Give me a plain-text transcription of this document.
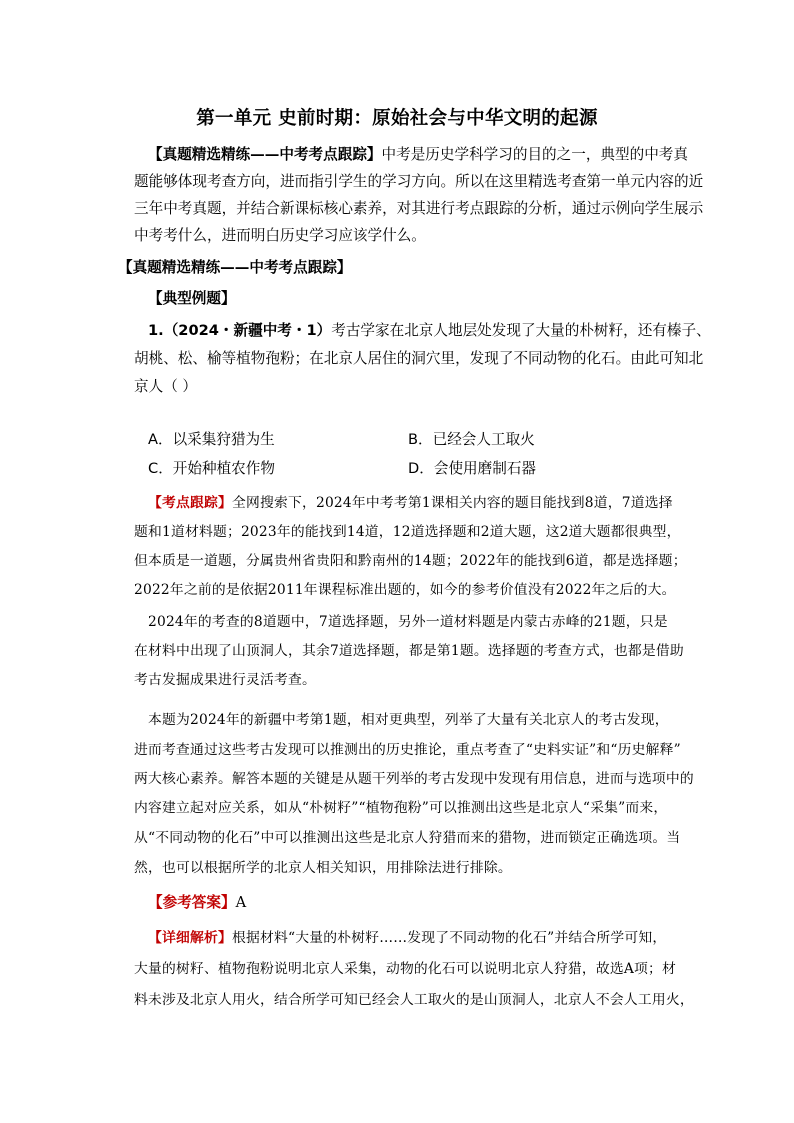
第一单元 史前时期：原始社会与中华文明的起源
【真题精选精练——中考考点跟踪】中考是历史学科学习的目的之一，典型的中考真
题能够体现考查方向，进而指引学生的学习方向。所以在这里精选考查第一单元内容的近
三年中考真题，并结合新课标核心素养，对其进行考点跟踪的分析，通过示例向学生展示
中考考什么，进而明白历史学习应该学什么。
【真题精选精练——中考考点跟踪】
【典型例题】
1.（2024・新疆中考・1）考古学家在北京人地层处发现了大量的朴树籽，还有榛子、
胡桃、松、榆等植物孢粉；在北京人居住的洞穴里，发现了不同动物的化石。由此可知北
京人（ ）
A．以采集狩猎为生	B．已经会人工取火
C．开始种植农作物	D．会使用磨制石器
【考点跟踪】全网搜索下，2024年中考考第1课相关内容的题目能找到8道，7道选择
题和1道材料题；2023年的能找到14道，12道选择题和2道大题，这2道大题都很典型，
但本质是一道题，分属贵州省贵阳和黔南州的14题；2022年的能找到6道，都是选择题；
2022年之前的是依据2011年课程标准出题的，如今的参考价值没有2022年之后的大。
2024年的考查的8道题中，7道选择题，另外一道材料题是内蒙古赤峰的21题，只是
在材料中出现了山顶洞人，其余7道选择题，都是第1题。选择题的考查方式，也都是借助
考古发掘成果进行灵活考查。
本题为2024年的新疆中考第1题，相对更典型，列举了大量有关北京人的考古发现，
进而考查通过这些考古发现可以推测出的历史推论，重点考查了“史料实证”和“历史解释”
两大核心素养。解答本题的关键是从题干列举的考古发现中发现有用信息，进而与选项中的
内容建立起对应关系，如从“朴树籽”“植物孢粉”可以推测出这些是北京人“采集”而来，
从“不同动物的化石”中可以推测出这些是北京人狩猎而来的猎物，进而锁定正确选项。当
然，也可以根据所学的北京人相关知识，用排除法进行排除。
【参考答案】A
【详细解析】根据材料“大量的朴树籽……发现了不同动物的化石”并结合所学可知，
大量的树籽、植物孢粉说明北京人采集，动物的化石可以说明北京人狩猎，故选A项；材
料未涉及北京人用火，结合所学可知已经会人工取火的是山顶洞人，北京人不会人工用火，
